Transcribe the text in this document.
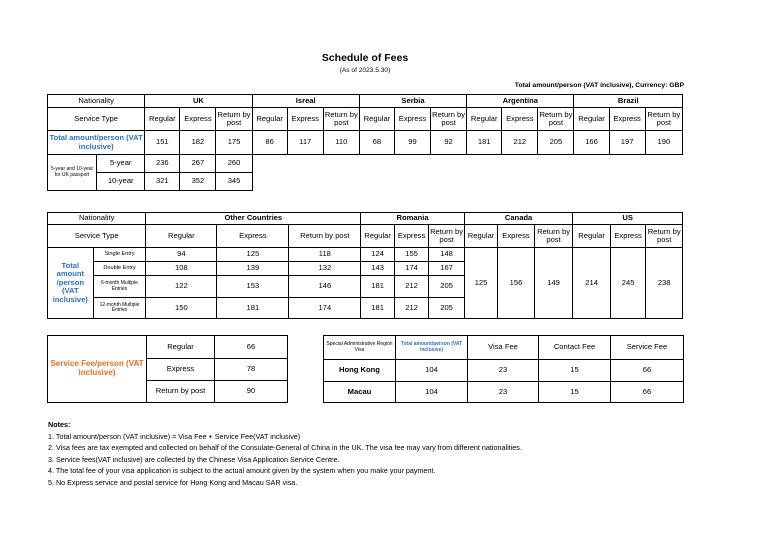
Schedule of Fees
(As of 2023.5.30)
Total amount/person (VAT inclusive), Currency: GBP
Nationality		UK			Isreal			Serbia			Argentina			Brazil		
Service Type		Regular	Express	Return by post	Regular	Express	Return by post	Regular	Express	Return by post	Regular	Express	Return by post	Regular	Express	Return by post
Total amount/person (VAT inclusive)		151	182	175	86	117	110	68	99	92	181	212	205	166	197	190
5-year and 10-year for UK passport	5-year	236	267	260												
	10-year	321	352	345												
Nationality		Other Countries			Romania			Canada			US		
Service Type		Regular	Express	Return by post	Regular	Express	Return by post	Regular	Express	Return by post	Regular	Express	Return by post
Total amount /person (VAT inclusive)	Single Entry	94	125	118	124	155	148	125	156	149	214	245	238
	Double Entry	108	139	132	143	174	167						
	6-month Multiple Entries	122	153	146	181	212	205						
	12-month Multiple Entries	150	181	174	181	212	205						
Service Fee/person (VAT inclusive)	Regular	66
	Express	78
	Return by post	90
Special Administrative Region Visa	Total amount/person (VAT inclusive)	Visa Fee	Contact Fee	Service Fee
Hong Kong	104	23	15	66
Macau	104	23	15	66
Notes:
1. Total amount/person (VAT inclusive) = Visa Fee + Service Fee(VAT inclusive)
2. Visa fees are tax exempted and collected on behalf of the Consulate-General of China in the UK. The visa fee may vary from different nationalities.
3. Service fees(VAT inclusive) are collected by the Chinese Visa Application Service Centre.
4. The total fee of your visa application is subject to the actual amount given by the system when you make your payment.
5. No Express service and postal service for Hong Kong and Macau SAR visa.
